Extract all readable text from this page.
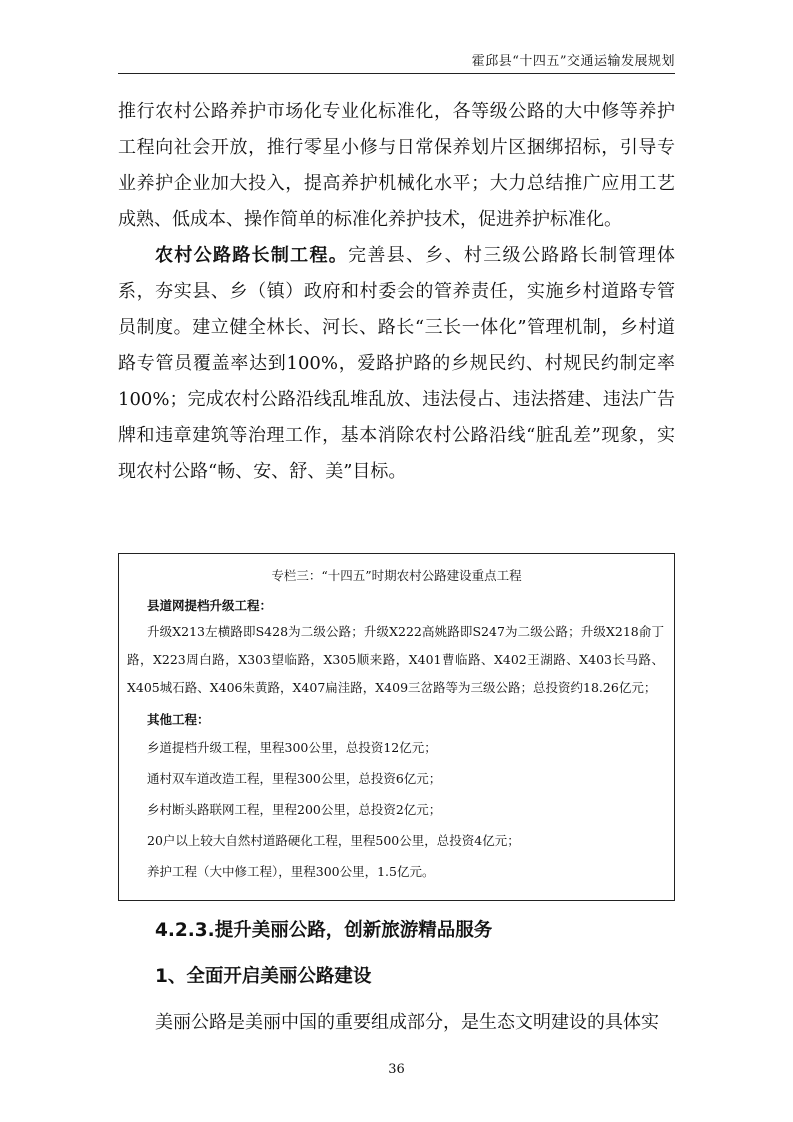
霍邱县“十四五”交通运输发展规划

推行农村公路养护市场化专业化标准化，各等级公路的大中修等养护工程向社会开放，推行零星小修与日常保养划片区捆绑招标，引导专业养护企业加大投入，提高养护机械化水平；大力总结推广应用工艺成熟、低成本、操作简单的标准化养护技术，促进养护标准化。

农村公路路长制工程。完善县、乡、村三级公路路长制管理体系，夯实县、乡（镇）政府和村委会的管养责任，实施乡村道路专管员制度。建立健全林长、河长、路长“三长一体化”管理机制，乡村道路专管员覆盖率达到100%，爱路护路的乡规民约、村规民约制定率100%；完成农村公路沿线乱堆乱放、违法侵占、违法搭建、违法广告牌和违章建筑等治理工作，基本消除农村公路沿线“脏乱差”现象，实现农村公路“畅、安、舒、美”目标。

专栏三：“十四五”时期农村公路建设重点工程
县道网提档升级工程：

升级X213左横路即S428为二级公路；升级X222高姚路即S247为二级公路；升级X218俞丁路，X223周白路，X303望临路，X305顺来路，X401曹临路、X402王湖路、X403长马路、X405城石路、X406朱黄路，X407扁洼路，X409三岔路等为三级公路；总投资约18.26亿元；

其他工程：
乡道提档升级工程，里程300公里，总投资12亿元；
通村双车道改造工程，里程300公里，总投资6亿元；
乡村断头路联网工程，里程200公里，总投资2亿元；
20户以上较大自然村道路硬化工程，里程500公里，总投资4亿元；
养护工程（大中修工程），里程300公里，1.5亿元。
4.2.3.提升美丽公路，创新旅游精品服务
1、全面开启美丽公路建设

美丽公路是美丽中国的重要组成部分，是生态文明建设的具体实

36
